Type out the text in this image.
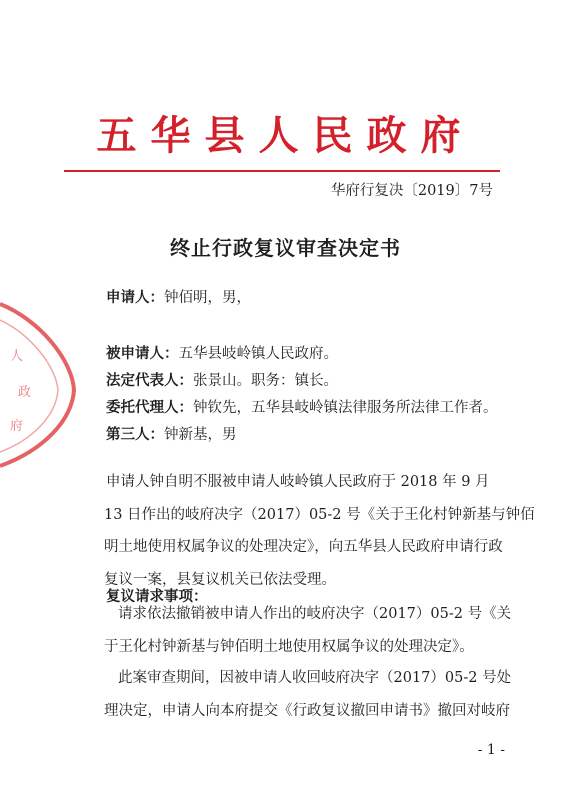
人
政
府
五华县人民政府
华府行复决〔2019〕7号
终止行政复议审查决定书
申请人：钟佰明，男，
被申请人：五华县岐岭镇人民政府。
法定代表人：张景山。职务：镇长。
委托代理人：钟钦先，五华县岐岭镇法律服务所法律工作者。
第三人：钟新基，男
申请人钟自明不服被申请人岐岭镇人民政府于 2018 年 9 月
13 日作出的岐府决字（2017）05-2 号《关于王化村钟新基与钟佰
明土地使用权属争议的处理决定》，向五华县人民政府申请行政
复议一案，县复议机关已依法受理。
复议请求事项：
请求依法撤销被申请人作出的岐府决字（2017）05-2 号《关
于王化村钟新基与钟佰明土地使用权属争议的处理决定》。
此案审查期间，因被申请人收回岐府决字（2017）05-2 号处
理决定，申请人向本府提交《行政复议撤回申请书》撤回对岐府
- 1 -
